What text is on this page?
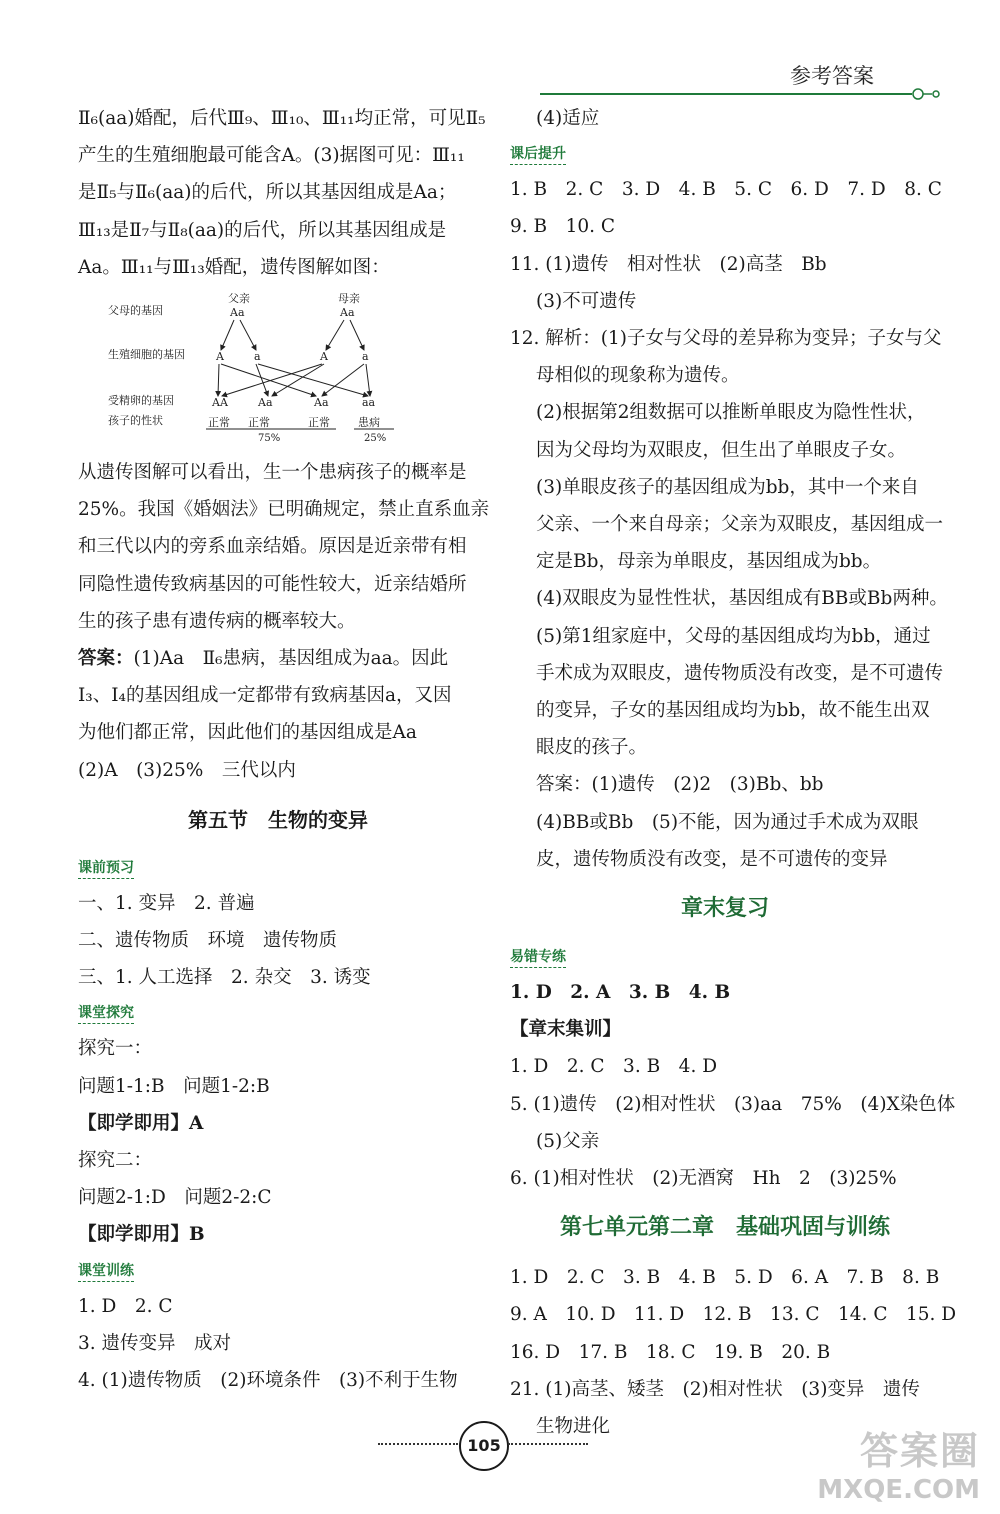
参考答案
Ⅱ₆(aa)婚配，后代Ⅲ₉、Ⅲ₁₀、Ⅲ₁₁均正常，可见Ⅱ₅
产生的生殖细胞最可能含A。(3)据图可见：Ⅲ₁₁
是Ⅱ₅与Ⅱ₆(aa)的后代，所以其基因组成是Aa；
Ⅲ₁₃是Ⅱ₇与Ⅱ₈(aa)的后代，所以其基因组成是
Aa。Ⅲ₁₁与Ⅲ₁₃婚配，遗传图解如图：
父母的基因
生殖细胞的基因
受精卵的基因
孩子的性状
父亲
Aa
母亲
Aa
A	a	A	a
AA	Aa	Aa	aa
正常 正常	正常	患病
75%	25%
从遗传图解可以看出，生一个患病孩子的概率是
25%。我国《婚姻法》已明确规定，禁止直系血亲
和三代以内的旁系血亲结婚。原因是近亲带有相
同隐性遗传致病基因的可能性较大，近亲结婚所
生的孩子患有遗传病的概率较大。
答案：(1)Aa　Ⅱ₆患病，基因组成为aa。因此
Ⅰ₃、Ⅰ₄的基因组成一定都带有致病基因a，又因
为他们都正常，因此他们的基因组成是Aa
(2)A　(3)25%　三代以内
第五节　生物的变异
课前预习
一、1. 变异　2. 普遍
二、遗传物质　环境　遗传物质
三、1. 人工选择　2. 杂交　3. 诱变
课堂探究
探究一：
问题1-1:B　问题1-2:B
【即学即用】A
探究二：
问题2-1:D　问题2-2:C
【即学即用】B
课堂训练
1. D　2. C
3. 遗传变异　成对
4. (1)遗传物质　(2)环境条件　(3)不利于生物
(4)适应
课后提升
1. B　2. C　3. D　4. B　5. C　6. D　7. D　8. C
9. B　10. C
11. (1)遗传　相对性状　(2)高茎　Bb
(3)不可遗传
12. 解析：(1)子女与父母的差异称为变异；子女与父
母相似的现象称为遗传。
(2)根据第2组数据可以推断单眼皮为隐性性状，
因为父母均为双眼皮，但生出了单眼皮子女。
(3)单眼皮孩子的基因组成为bb，其中一个来自
父亲、一个来自母亲；父亲为双眼皮，基因组成一
定是Bb，母亲为单眼皮，基因组成为bb。
(4)双眼皮为显性性状，基因组成有BB或Bb两种。
(5)第1组家庭中，父母的基因组成均为bb，通过
手术成为双眼皮，遗传物质没有改变，是不可遗传
的变异，子女的基因组成均为bb，故不能生出双
眼皮的孩子。
答案：(1)遗传　(2)2　(3)Bb、bb
(4)BB或Bb　(5)不能，因为通过手术成为双眼
皮，遗传物质没有改变，是不可遗传的变异
章末复习
易错专练
1. D　2. A　3. B　4. B
【章末集训】
1. D　2. C　3. B　4. D
5. (1)遗传　(2)相对性状　(3)aa　75%　(4)X染色体
(5)父亲
6. (1)相对性状　(2)无酒窝　Hh　2　(3)25%
第七单元第二章　基础巩固与训练
1. D　2. C　3. B　4. B　5. D　6. A　7. B　8. B
9. A　10. D　11. D　12. B　13. C　14. C　15. D
16. D　17. B　18. C　19. B　20. B
21. (1)高茎、矮茎　(2)相对性状　(3)变异　遗传
生物进化
105	答案圈
MXQE.COM
